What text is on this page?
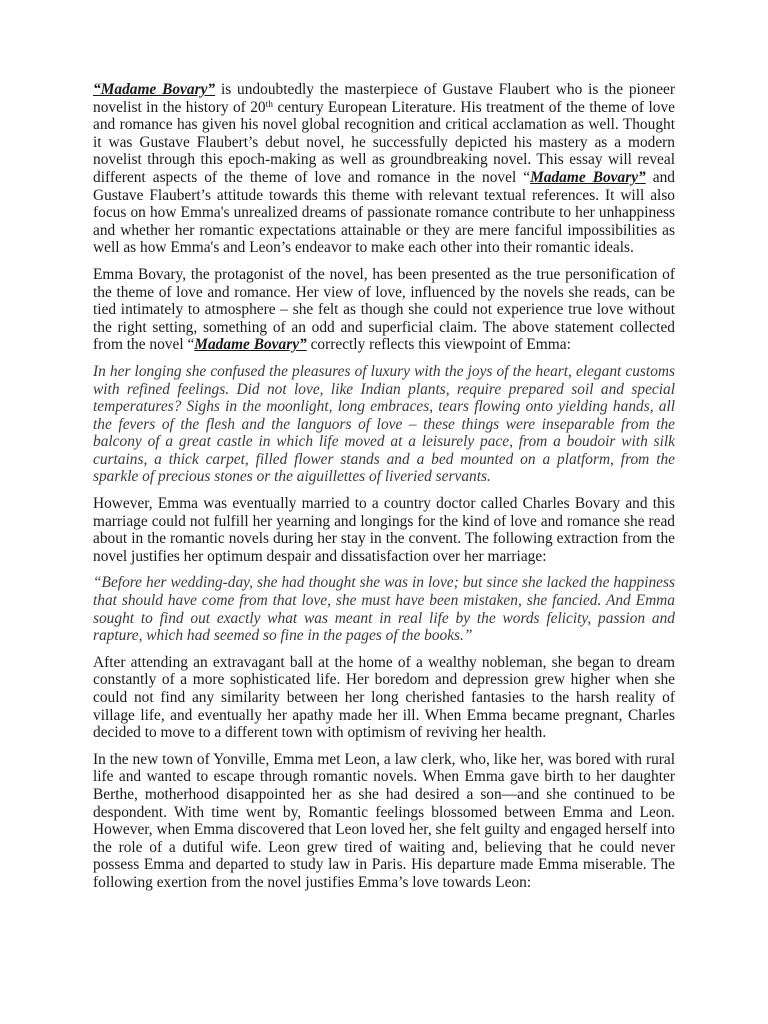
“Madame Bovary” is undoubtedly the masterpiece of Gustave Flaubert who is the pioneer novelist in the history of 20th century European Literature. His treatment of the theme of love and romance has given his novel global recognition and critical acclamation as well. Thought it was Gustave Flaubert’s debut novel, he successfully depicted his mastery as a modern novelist through this epoch-making as well as groundbreaking novel. This essay will reveal different aspects of the theme of love and romance in the novel “Madame Bovary” and Gustave Flaubert’s attitude towards this theme with relevant textual references. It will also focus on how Emma's unrealized dreams of passionate romance contribute to her unhappiness and whether her romantic expectations attainable or they are mere fanciful impossibilities as well as how Emma's and Leon’s endeavor to make each other into their romantic ideals.

Emma Bovary, the protagonist of the novel, has been presented as the true personification of the theme of love and romance. Her view of love, influenced by the novels she reads, can be tied intimately to atmosphere – she felt as though she could not experience true love without the right setting, something of an odd and superficial claim. The above statement collected from the novel “Madame Bovary” correctly reflects this viewpoint of Emma:

In her longing she confused the pleasures of luxury with the joys of the heart, elegant customs with refined feelings. Did not love, like Indian plants, require prepared soil and special temperatures? Sighs in the moonlight, long embraces, tears flowing onto yielding hands, all the fevers of the flesh and the languors of love – these things were inseparable from the balcony of a great castle in which life moved at a leisurely pace, from a boudoir with silk curtains, a thick carpet, filled flower stands and a bed mounted on a platform, from the sparkle of precious stones or the aiguillettes of liveried servants.

However, Emma was eventually married to a country doctor called Charles Bovary and this marriage could not fulfill her yearning and longings for the kind of love and romance she read about in the romantic novels during her stay in the convent. The following extraction from the novel justifies her optimum despair and dissatisfaction over her marriage:

“Before her wedding-day, she had thought she was in love; but since she lacked the happiness that should have come from that love, she must have been mistaken, she fancied. And Emma sought to find out exactly what was meant in real life by the words felicity, passion and rapture, which had seemed so fine in the pages of the books.”

After attending an extravagant ball at the home of a wealthy nobleman, she began to dream constantly of a more sophisticated life. Her boredom and depression grew higher when she could not find any similarity between her long cherished fantasies to the harsh reality of village life, and eventually her apathy made her ill. When Emma became pregnant, Charles decided to move to a different town with optimism of reviving her health.

In the new town of Yonville, Emma met Leon, a law clerk, who, like her, was bored with rural life and wanted to escape through romantic novels. When Emma gave birth to her daughter Berthe, motherhood disappointed her as she had desired a son—and she continued to be despondent. With time went by, Romantic feelings blossomed between Emma and Leon. However, when Emma discovered that Leon loved her, she felt guilty and engaged herself into the role of a dutiful wife. Leon grew tired of waiting and, believing that he could never possess Emma and departed to study law in Paris. His departure made Emma miserable. The following exertion from the novel justifies Emma’s love towards Leon:
